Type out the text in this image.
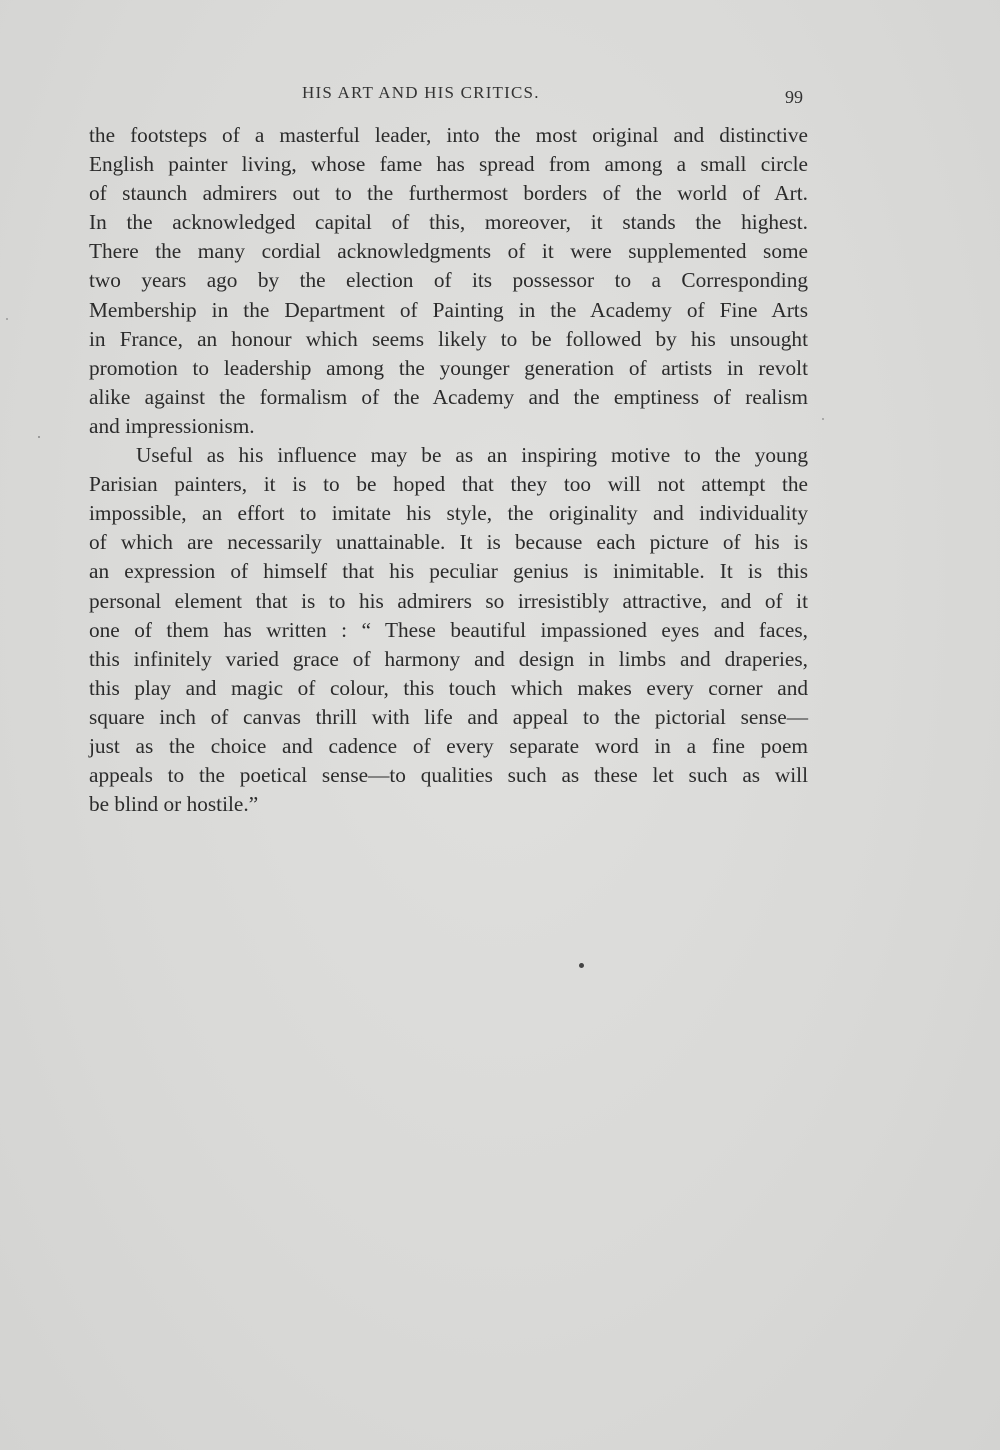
HIS ART AND HIS CRITICS.	99
the footsteps of a masterful leader, into the most original and distinctive
English painter living, whose fame has spread from among a small circle
of staunch admirers out to the furthermost borders of the world of Art.
In the acknowledged capital of this, moreover, it stands the highest.
There the many cordial acknowledgments of it were supplemented some
two years ago by the election of its possessor to a Corresponding
Membership in the Department of Painting in the Academy of Fine Arts
in France, an honour which seems likely to be followed by his unsought
promotion to leadership among the younger generation of artists in revolt
alike against the formalism of the Academy and the emptiness of realism
and impressionism.
Useful as his influence may be as an inspiring motive to the young
Parisian painters, it is to be hoped that they too will not attempt the
impossible, an effort to imitate his style, the originality and individuality
of which are necessarily unattainable. It is because each picture of his is
an expression of himself that his peculiar genius is inimitable. It is this
personal element that is to his admirers so irresistibly attractive, and of it
one of them has written : “ These beautiful impassioned eyes and faces,
this infinitely varied grace of harmony and design in limbs and draperies,
this play and magic of colour, this touch which makes every corner and
square inch of canvas thrill with life and appeal to the pictorial sense—
just as the choice and cadence of every separate word in a fine poem
appeals to the poetical sense—to qualities such as these let such as will
be blind or hostile.”
